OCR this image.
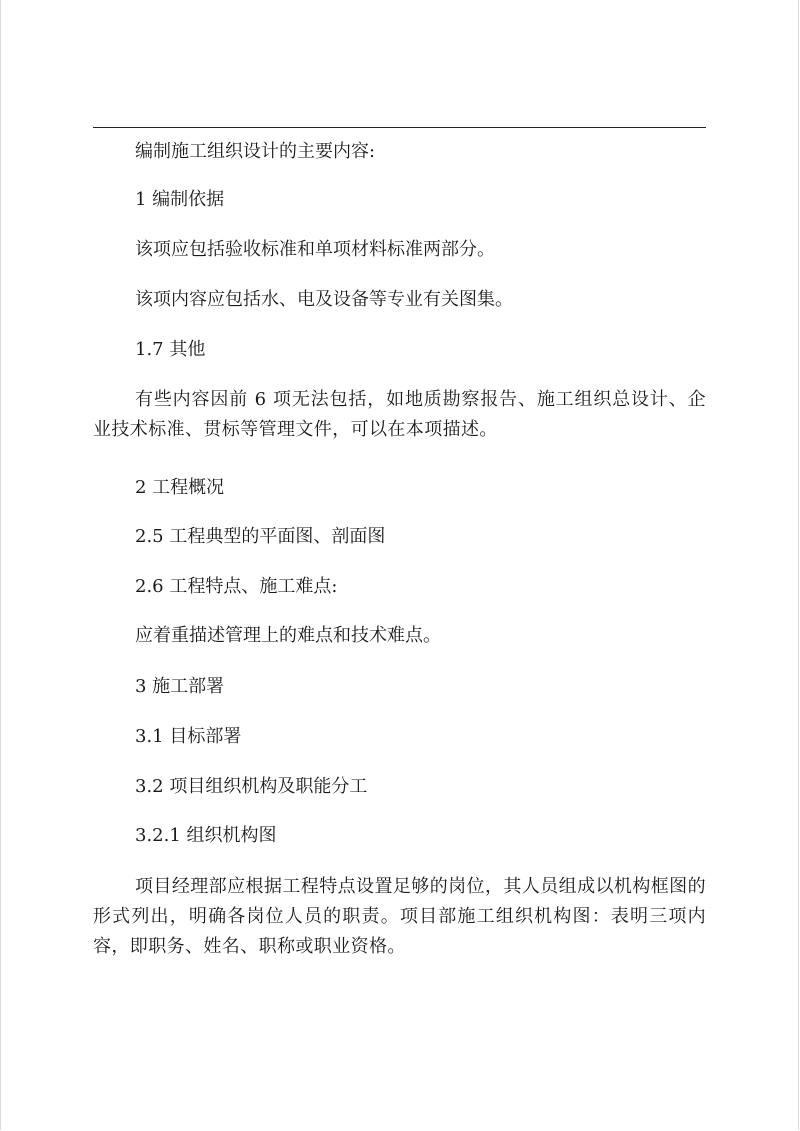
编制施工组织设计的主要内容:
1 编制依据
该项应包括验收标准和单项材料标准两部分。
该项内容应包括水、电及设备等专业有关图集。
1.7 其他
有些内容因前 6 项无法包括，如地质勘察报告、施工组织总设计、企业技术标准、贯标等管理文件，可以在本项描述。
2 工程概况
2.5 工程典型的平面图、剖面图
2.6 工程特点、施工难点:
应着重描述管理上的难点和技术难点。
3 施工部署
3.1 目标部署
3.2 项目组织机构及职能分工
3.2.1 组织机构图
项目经理部应根据工程特点设置足够的岗位，其人员组成以机构框图的形式列出，明确各岗位人员的职责。项目部施工组织机构图：表明三项内容，即职务、姓名、职称或职业资格。
